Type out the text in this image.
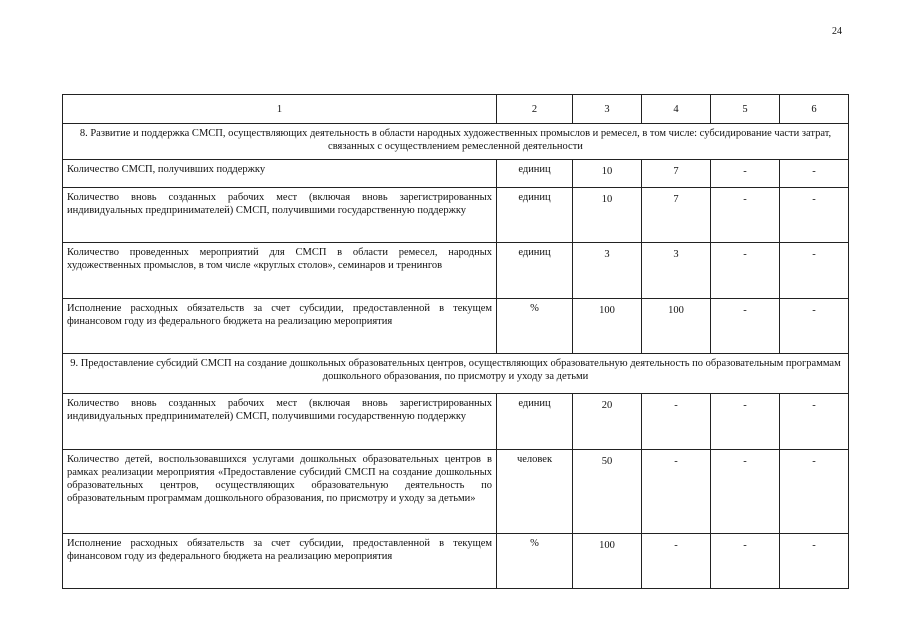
24
1	2	3	4	5	6
8. Развитие и поддержка СМСП, осуществляющих деятельность в области народных художественных промыслов и ремесел, в том числе: субсидирование части затрат, связанных с осуществлением ремесленной деятельности					
Количество СМСП, получивших поддержку	единиц	10	7	-	-
Количество вновь созданных рабочих мест (включая вновь зарегистрированных индивидуальных предпринимателей) СМСП, получившими государственную поддержку	единиц	10	7	-	-
Количество проведенных мероприятий для СМСП в области ремесел, народных художественных промыслов, в том числе «круглых столов», семинаров и тренингов	единиц	3	3	-	-
Исполнение расходных обязательств за счет субсидии, предоставленной в текущем финансовом году из федерального бюджета на реализацию мероприятия	%	100	100	-	-
9. Предоставление субсидий СМСП на создание дошкольных образовательных центров, осуществляющих образовательную деятельность по образовательным программам дошкольного образования, по присмотру и уходу за детьми					
Количество вновь созданных рабочих мест (включая вновь зарегистрированных индивидуальных предпринимателей) СМСП, получившими государственную поддержку	единиц	20	-	-	-
Количество детей, воспользовавшихся услугами дошкольных образовательных центров в рамках реализации мероприятия «Предоставление субсидий СМСП на создание дошкольных образовательных центров, осуществляющих образовательную деятельность по образовательным программам дошкольного образования, по присмотру и уходу за детьми»	человек	50	-	-	-
Исполнение расходных обязательств за счет субсидии, предоставленной в текущем финансовом году из федерального бюджета на реализацию мероприятия	%	100	-	-	-
